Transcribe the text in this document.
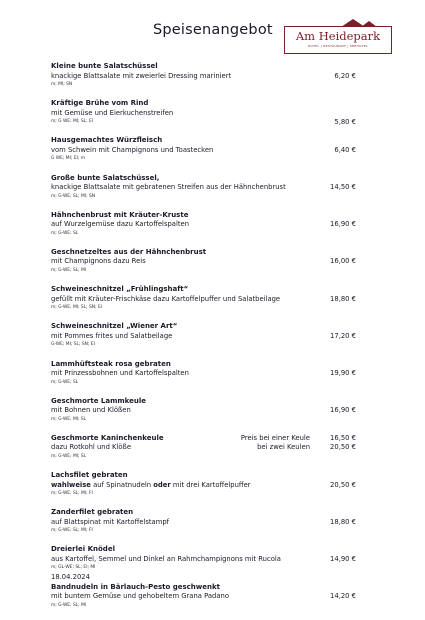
Speisenangebot	Am Heidepark
HOTEL | RESTAURANT | SEEHOTEL
Kleine bunte Salatschüssel
knackige Blattsalate mit zweierlei Dressing mariniert
m; MI; SN
6,20 €
Kräftige Brühe vom Rind
mit Gemüse und Eierkuchenstreifen
m; G WE; MI; SL; EI	5,80 €
Hausgemachtes Würzfleisch
vom Schwein mit Champignons und Toastecken
G WE; MI; EI; m
6,40 €
Große bunte Salatschüssel,
knackige Blattsalate mit gebratenen Streifen aus der Hähnchenbrust
m; G-WE; SL; MI; SN
14,50 €
Hähnchenbrust mit Kräuter-Kruste
auf Wurzelgemüse dazu Kartoffelspalten
m; G-WE; SL
16,90 €
Geschnetzeltes aus der Hähnchenbrust
mit Champignons dazu Reis
m; G-WE; SL; MI
16,00 €
Schweineschnitzel „Frühlingshaft“
gefüllt mit Kräuter-Frischkäse dazu Kartoffelpuffer und Salatbeilage
m; G-WE; MI; SL; SN; EI
18,80 €
Schweineschnitzel „Wiener Art“
mit Pommes frites und Salatbeilage
G-WE; MI; SL; SN; EI
17,20 €
Lammhüftsteak rosa gebraten
mit Prinzessbohnen und Kartoffelspalten
m; G-WE; SL
19,90 €
Geschmorte Lammkeule
mit Bohnen und Klößen
m; G-WE; MI; SL
16,90 €
Geschmorte Kaninchenkeule
dazu Rotkohl und Klöße
m; G-WE; MI; SL
16,50 €
20,50 €
Preis bei einer Keule
bei zwei Keulen
Lachsfilet gebraten
wahlweise auf Spinatnudeln oder mit drei Kartoffelpuffer
m; G-WE; SL; MI; FI
20,50 €
Zanderfilet gebraten
auf Blattspinat mit Kartoffelstampf
m; G-WE; SL; MI; FI
18,80 €
Dreierlei Knödel
aus Kartoffel, Semmel und Dinkel an Rahmchampignons mit Rucola
m; GL-WE; SL; EI; MI
14,90 €
Bandnudeln in Bärlauch-Pesto geschwenkt
mit buntem Gemüse und gehobeltem Grana Padano
m; G-WE; SL; MI
14,20 €
18.04.2024
